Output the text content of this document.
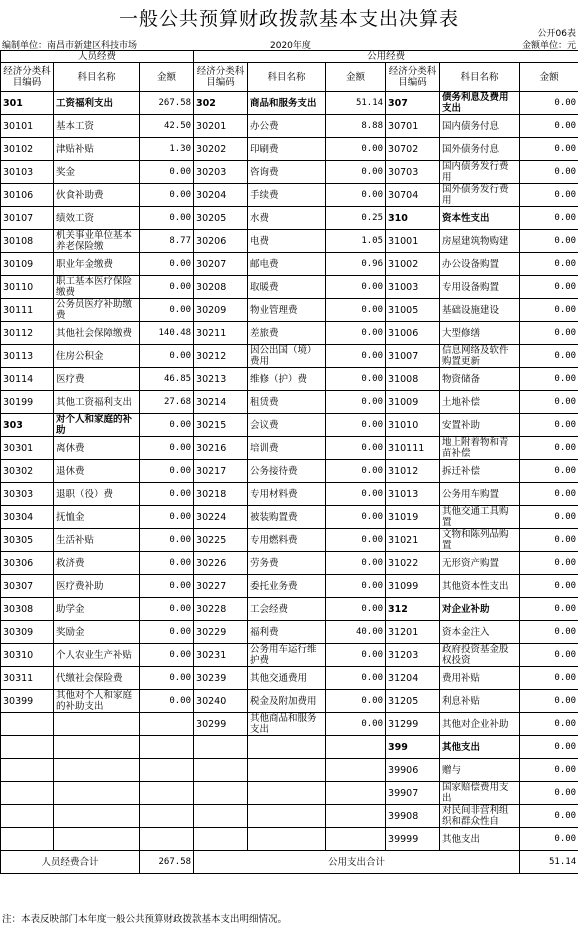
一般公共预算财政拨款基本支出决算表
公开06表
编制单位：南昌市新建区科技市场	2020年度	金额单位：元
人员经费			公用经费					
经济分类科目编码	科目名称	金额	经济分类科目编码	科目名称	金额	经济分类科目编码	科目名称	金额
301	工资福利支出	267.58	302	商品和服务支出	51.14	307	债务利息及费用支出	0.00
30101	基本工资	42.50	30201	办公费	8.88	30701	国内债务付息	0.00
30102	津贴补贴	1.30	30202	印刷费	0.00	30702	国外债务付息	0.00
30103	奖金	0.00	30203	咨询费	0.00	30703	国内债务发行费用	0.00
30106	伙食补助费	0.00	30204	手续费	0.00	30704	国外债务发行费用	0.00
30107	绩效工资	0.00	30205	水费	0.25	310	资本性支出	0.00
30108	机关事业单位基本养老保险缴	8.77	30206	电费	1.05	31001	房屋建筑物购建	0.00
30109	职业年金缴费	0.00	30207	邮电费	0.96	31002	办公设备购置	0.00
30110	职工基本医疗保险缴费	0.00	30208	取暖费	0.00	31003	专用设备购置	0.00
30111	公务员医疗补助缴费	0.00	30209	物业管理费	0.00	31005	基础设施建设	0.00
30112	其他社会保障缴费	140.48	30211	差旅费	0.00	31006	大型修缮	0.00
30113	住房公积金	0.00	30212	因公出国（境）费用	0.00	31007	信息网络及软件购置更新	0.00
30114	医疗费	46.85	30213	维修（护）费	0.00	31008	物资储备	0.00
30199	其他工资福利支出	27.68	30214	租赁费	0.00	31009	土地补偿	0.00
303	对个人和家庭的补助	0.00	30215	会议费	0.00	31010	安置补助	0.00
30301	离休费	0.00	30216	培训费	0.00	310111	地上附着物和青苗补偿	0.00
30302	退休费	0.00	30217	公务接待费	0.00	31012	拆迁补偿	0.00
30303	退职（役）费	0.00	30218	专用材料费	0.00	31013	公务用车购置	0.00
30304	抚恤金	0.00	30224	被装购置费	0.00	31019	其他交通工具购置	0.00
30305	生活补贴	0.00	30225	专用燃料费	0.00	31021	文物和陈列品购置	0.00
30306	救济费	0.00	30226	劳务费	0.00	31022	无形资产购置	0.00
30307	医疗费补助	0.00	30227	委托业务费	0.00	31099	其他资本性支出	0.00
30308	助学金	0.00	30228	工会经费	0.00	312	对企业补助	0.00
30309	奖励金	0.00	30229	福利费	40.00	31201	资本金注入	0.00
30310	个人农业生产补贴	0.00	30231	公务用车运行维护费	0.00	31203	政府投资基金股权投资	0.00
30311	代缴社会保险费	0.00	30239	其他交通费用	0.00	31204	费用补贴	0.00
30399	其他对个人和家庭的补助支出	0.00	30240	税金及附加费用	0.00	31205	利息补贴	0.00
			30299	其他商品和服务支出	0.00	31299	其他对企业补助	0.00
						399	其他支出	0.00
						39906	赠与	0.00
						39907	国家赔偿费用支出	0.00
						39908	对民间非营利组织和群众性自	0.00
						39999	其他支出	0.00
人员经费合计		267.58	公用支出合计					51.14
注：本表反映部门本年度一般公共预算财政拨款基本支出明细情况。
